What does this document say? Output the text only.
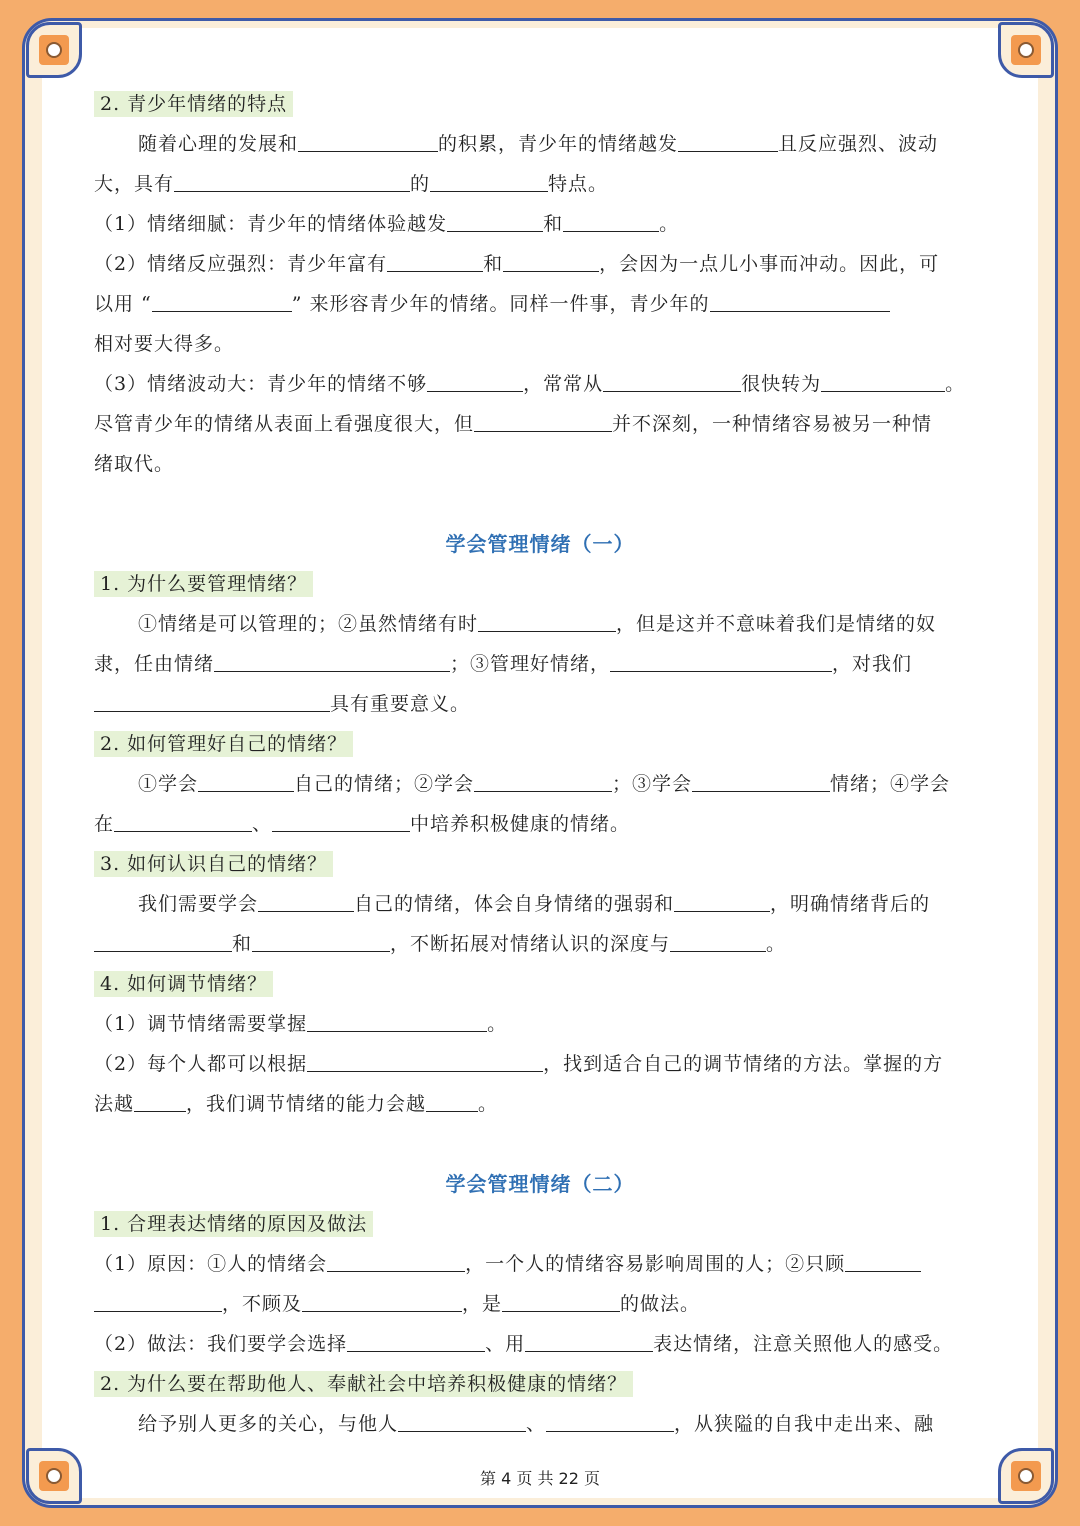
2. 青少年情绪的特点
随着心理的发展和	的积累，青少年的情绪越发	且反应强烈、波动
大，具有	的	特点。
（1）情绪细腻：青少年的情绪体验越发	和	。
（2）情绪反应强烈：青少年富有	和	，会因为一点儿小事而冲动。因此，可
以用 “	” 来形容青少年的情绪。同样一件事，青少年的
相对要大得多。
（3）情绪波动大：青少年的情绪不够	，常常从	很快转为	。
尽管青少年的情绪从表面上看强度很大，但	并不深刻，一种情绪容易被另一种情
绪取代。
学会管理情绪（一）
1. 为什么要管理情绪？
①情绪是可以管理的；②虽然情绪有时	，但是这并不意味着我们是情绪的奴
隶，任由情绪	；③管理好情绪，	，对我们
具有重要意义。
2. 如何管理好自己的情绪？
①学会	自己的情绪；②学会	；③学会	情绪；④学会
在	、	中培养积极健康的情绪。
3. 如何认识自己的情绪？
我们需要学会	自己的情绪，体会自身情绪的强弱和	，明确情绪背后的
和	，不断拓展对情绪认识的深度与	。
4. 如何调节情绪？
（1）调节情绪需要掌握	。
（2）每个人都可以根据	，找到适合自己的调节情绪的方法。掌握的方
法越	，我们调节情绪的能力会越	。
学会管理情绪（二）
1. 合理表达情绪的原因及做法
（1）原因：①人的情绪会	，一个人的情绪容易影响周围的人；②只顾
，不顾及	，是	的做法。
（2）做法：我们要学会选择	、用	表达情绪，注意关照他人的感受。
2. 为什么要在帮助他人、奉献社会中培养积极健康的情绪？
给予别人更多的关心，与他人	、	，从狭隘的自我中走出来、融
第 4 页 共 22 页
